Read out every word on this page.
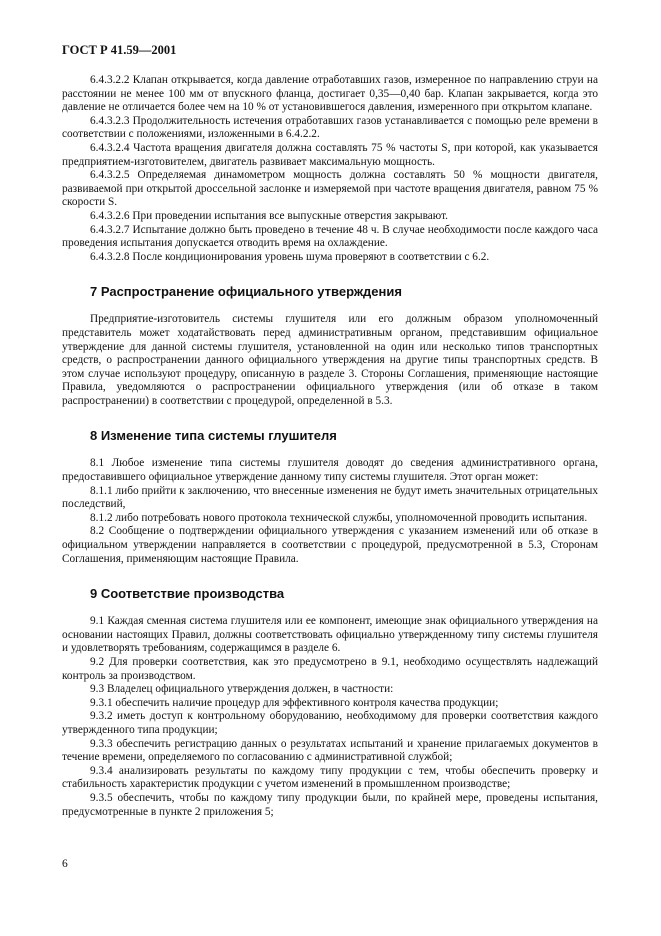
ГОСТ Р 41.59—2001

6.4.3.2.2 Клапан открывается, когда давление отработавших газов, измеренное по направлению струи на расстоянии не менее 100 мм от впускного фланца, достигает 0,35—0,40 бар. Клапан закрывается, когда это давление не отличается более чем на 10 % от установившегося давления, измеренного при открытом клапане.

6.4.3.2.3 Продолжительность истечения отработавших газов устанавливается с помощью реле времени в соответствии с положениями, изложенными в 6.4.2.2.

6.4.3.2.4 Частота вращения двигателя должна составлять 75 % частоты S, при которой, как указывается предприятием-изготовителем, двигатель развивает максимальную мощность.

6.4.3.2.5 Определяемая динамометром мощность должна составлять 50 % мощности двигателя, развиваемой при открытой дроссельной заслонке и измеряемой при частоте вращения двигателя, равном 75 % скорости S.

6.4.3.2.6 При проведении испытания все выпускные отверстия закрывают.

6.4.3.2.7 Испытание должно быть проведено в течение 48 ч. В случае необходимости после каждого часа проведения испытания допускается отводить время на охлаждение.

6.4.3.2.8 После кондиционирования уровень шума проверяют в соответствии с 6.2.

7 Распространение официального утверждения

Предприятие-изготовитель системы глушителя или его должным образом уполномоченный представитель может ходатайствовать перед административным органом, представившим официальное утверждение для данной системы глушителя, установленной на один или несколько типов транспортных средств, о распространении данного официального утверждения на другие типы транспортных средств. В этом случае используют процедуру, описанную в разделе 3. Стороны Соглашения, применяющие настоящие Правила, уведомляются о распространении официального утверждения (или об отказе в таком распространении) в соответствии с процедурой, определенной в 5.3.

8 Изменение типа системы глушителя

8.1 Любое изменение типа системы глушителя доводят до сведения административного органа, предоставившего официальное утверждение данному типу системы глушителя. Этот орган может:

8.1.1 либо прийти к заключению, что внесенные изменения не будут иметь значительных отрицательных последствий,

8.1.2 либо потребовать нового протокола технической службы, уполномоченной проводить испытания.

8.2 Сообщение о подтверждении официального утверждения с указанием изменений или об отказе в официальном утверждении направляется в соответствии с процедурой, предусмотренной в 5.3, Сторонам Соглашения, применяющим настоящие Правила.

9 Соответствие производства

9.1 Каждая сменная система глушителя или ее компонент, имеющие знак официального утверждения на основании настоящих Правил, должны соответствовать официально утвержденному типу системы глушителя и удовлетворять требованиям, содержащимся в разделе 6.

9.2 Для проверки соответствия, как это предусмотрено в 9.1, необходимо осуществлять надлежащий контроль за производством.

9.3 Владелец официального утверждения должен, в частности:

9.3.1 обеспечить наличие процедур для эффективного контроля качества продукции;

9.3.2 иметь доступ к контрольному оборудованию, необходимому для проверки соответствия каждого утвержденного типа продукции;

9.3.3 обеспечить регистрацию данных о результатах испытаний и хранение прилагаемых документов в течение времени, определяемого по согласованию с административной службой;

9.3.4 анализировать результаты по каждому типу продукции с тем, чтобы обеспечить проверку и стабильность характеристик продукции с учетом изменений в промышленном производстве;

9.3.5 обеспечить, чтобы по каждому типу продукции были, по крайней мере, проведены испытания, предусмотренные в пункте 2 приложения 5;

6
